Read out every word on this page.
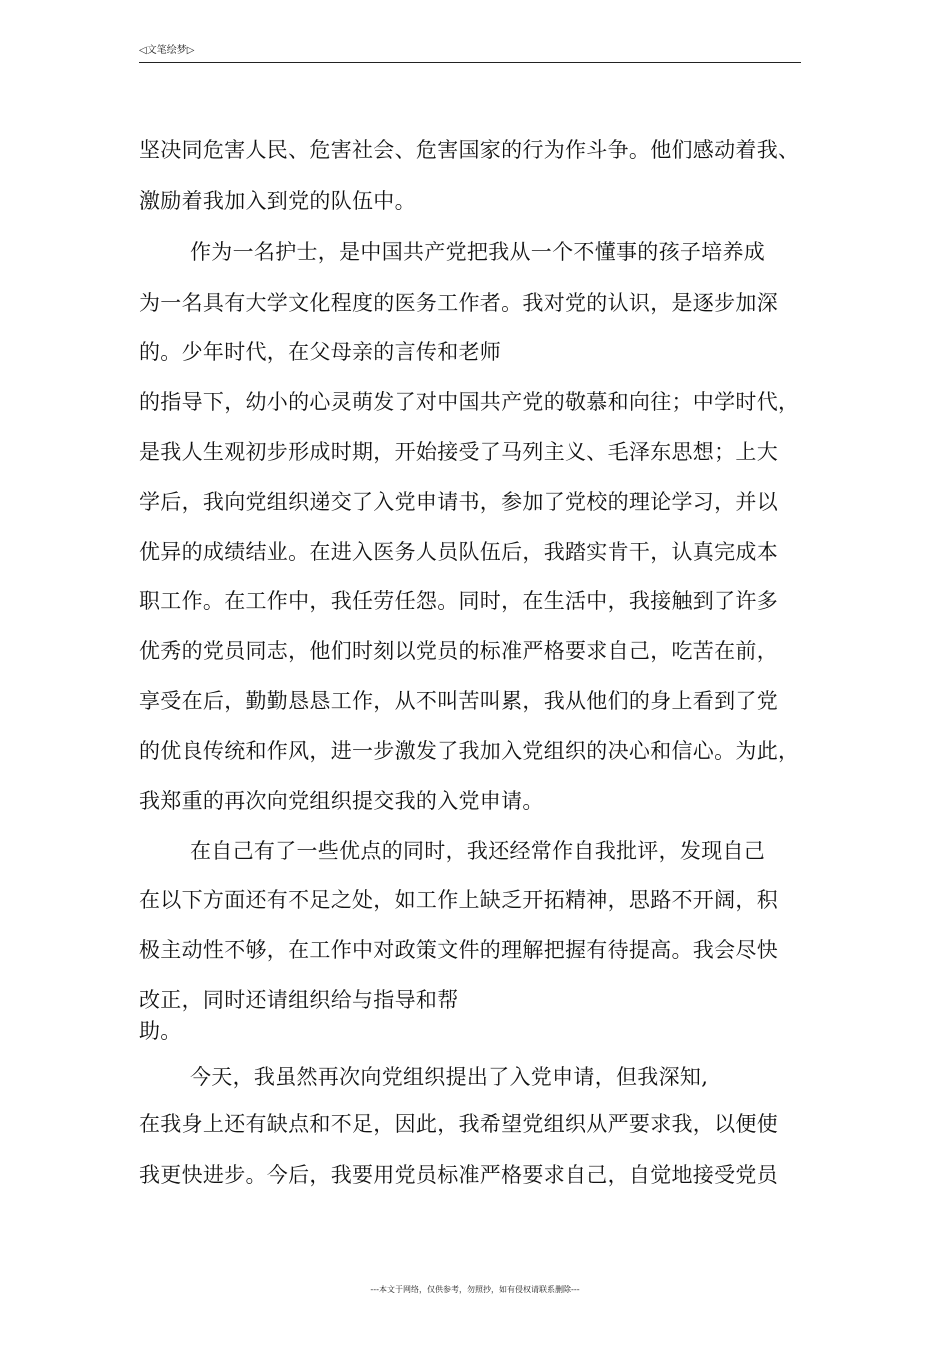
◁文笔绘梦▷
坚决同危害人民、危害社会、危害国家的行为作斗争。他们感动着我、
激励着我加入到党的队伍中。
作为一名护士，是中国共产党把我从一个不懂事的孩子培养成
为一名具有大学文化程度的医务工作者。我对党的认识，是逐步加深
的。少年时代，在父母亲的言传和老师
的指导下，幼小的心灵萌发了对中国共产党的敬慕和向往；中学时代，
是我人生观初步形成时期，开始接受了马列主义、毛泽东思想；上大
学后，我向党组织递交了入党申请书，参加了党校的理论学习，并以
优异的成绩结业。在进入医务人员队伍后，我踏实肯干，认真完成本
职工作。在工作中，我任劳任怨。同时，在生活中，我接触到了许多
优秀的党员同志，他们时刻以党员的标准严格要求自己，吃苦在前，
享受在后，勤勤恳恳工作，从不叫苦叫累，我从他们的身上看到了党
的优良传统和作风，进一步激发了我加入党组织的决心和信心。为此，
我郑重的再次向党组织提交我的入党申请。
在自己有了一些优点的同时，我还经常作自我批评，发现自己
在以下方面还有不足之处，如工作上缺乏开拓精神，思路不开阔，积
极主动性不够，在工作中对政策文件的理解把握有待提高。我会尽快
改正，同时还请组织给与指导和帮
助。
今天，我虽然再次向党组织提出了入党申请，但我深知,
在我身上还有缺点和不足，因此，我希望党组织从严要求我，以便使
我更快进步。今后，我要用党员标准严格要求自己，自觉地接受党员
---本文于网络，仅供参考，勿照抄，如有侵权请联系删除---
